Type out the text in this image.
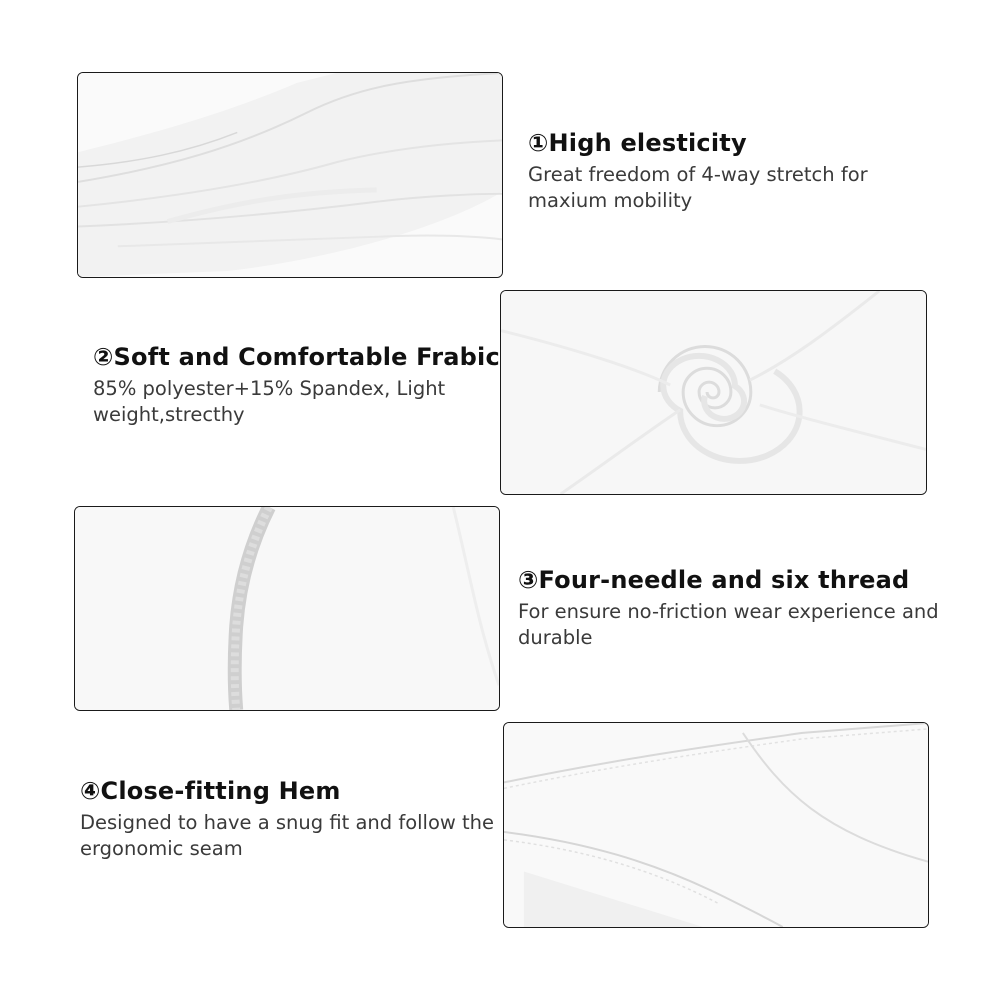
①High elesticity

Great freedom of 4-way stretch for maxium mobility

②Soft and Comfortable Frabic

85% polyester+15% Spandex, Light weight,strecthy

③Four-needle and six thread

For ensure no-friction wear experience and durable

④Close-fitting Hem

Designed to have a snug fit and follow the ergonomic seam
